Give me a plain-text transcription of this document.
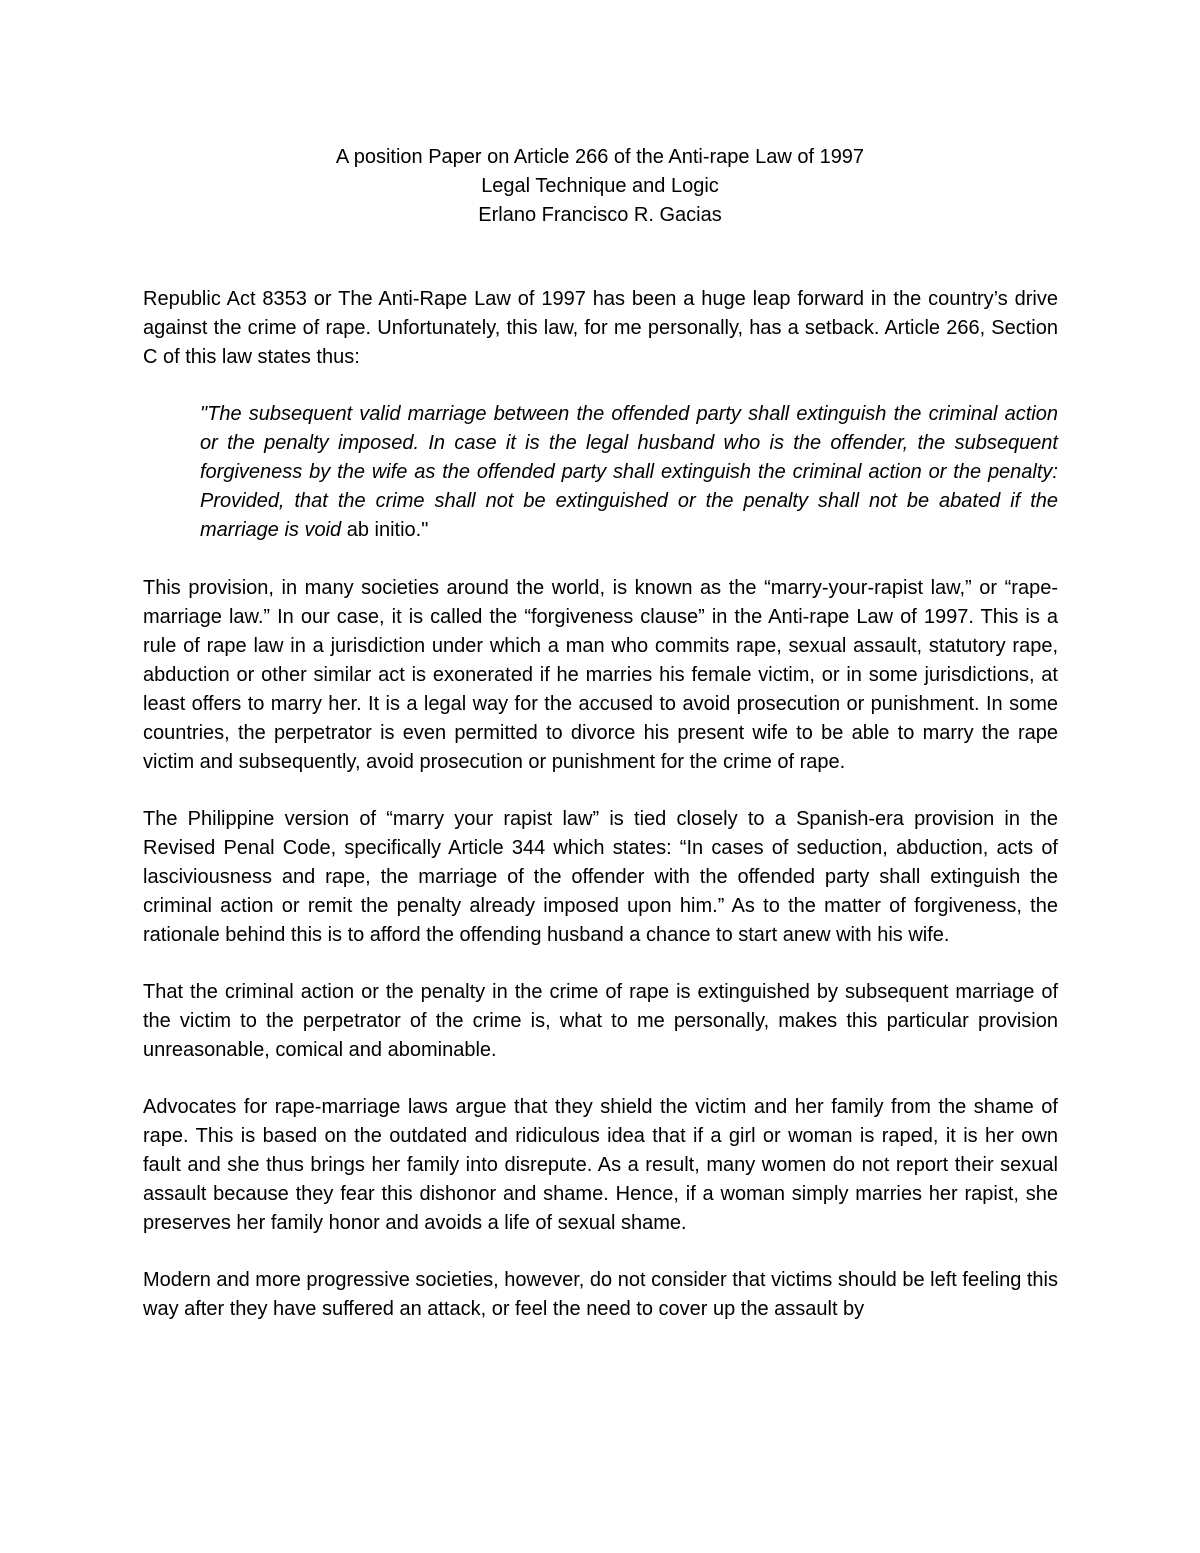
A position Paper on Article 266 of the Anti-rape Law of 1997
Legal Technique and Logic
Erlano Francisco R. Gacias

Republic Act 8353 or The Anti-Rape Law of 1997 has been a huge leap forward in the country’s drive against the crime of rape. Unfortunately, this law, for me personally, has a setback. Article 266, Section C of this law states thus:

"The subsequent valid marriage between the offended party shall extinguish the criminal action or the penalty imposed. In case it is the legal husband who is the offender, the subsequent forgiveness by the wife as the offended party shall extinguish the criminal action or the penalty: Provided, that the crime shall not be extinguished or the penalty shall not be abated if the marriage is void ab initio."

This provision, in many societies around the world, is known as the “marry-your-rapist law,” or “rape-marriage law.” In our case, it is called the “forgiveness clause” in the Anti-rape Law of 1997. This is a rule of rape law in a jurisdiction under which a man who commits rape, sexual assault, statutory rape, abduction or other similar act is exonerated if he marries his female victim, or in some jurisdictions, at least offers to marry her. It is a legal way for the accused to avoid prosecution or punishment. In some countries, the perpetrator is even permitted to divorce his present wife to be able to marry the rape victim and subsequently, avoid prosecution or punishment for the crime of rape.

The Philippine version of “marry your rapist law” is tied closely to a Spanish-era provision in the Revised Penal Code, specifically Article 344 which states: “In cases of seduction, abduction, acts of lasciviousness and rape, the marriage of the offender with the offended party shall extinguish the criminal action or remit the penalty already imposed upon him.” As to the matter of forgiveness, the rationale behind this is to afford the offending husband a chance to start anew with his wife.

That the criminal action or the penalty in the crime of rape is extinguished by subsequent marriage of the victim to the perpetrator of the crime is, what to me personally, makes this particular provision unreasonable, comical and abominable.

Advocates for rape-marriage laws argue that they shield the victim and her family from the shame of rape. This is based on the outdated and ridiculous idea that if a girl or woman is raped, it is her own fault and she thus brings her family into disrepute. As a result, many women do not report their sexual assault because they fear this dishonor and shame. Hence, if a woman simply marries her rapist, she preserves her family honor and avoids a life of sexual shame.

Modern and more progressive societies, however, do not consider that victims should be left feeling this way after they have suffered an attack, or feel the need to cover up the assault by
